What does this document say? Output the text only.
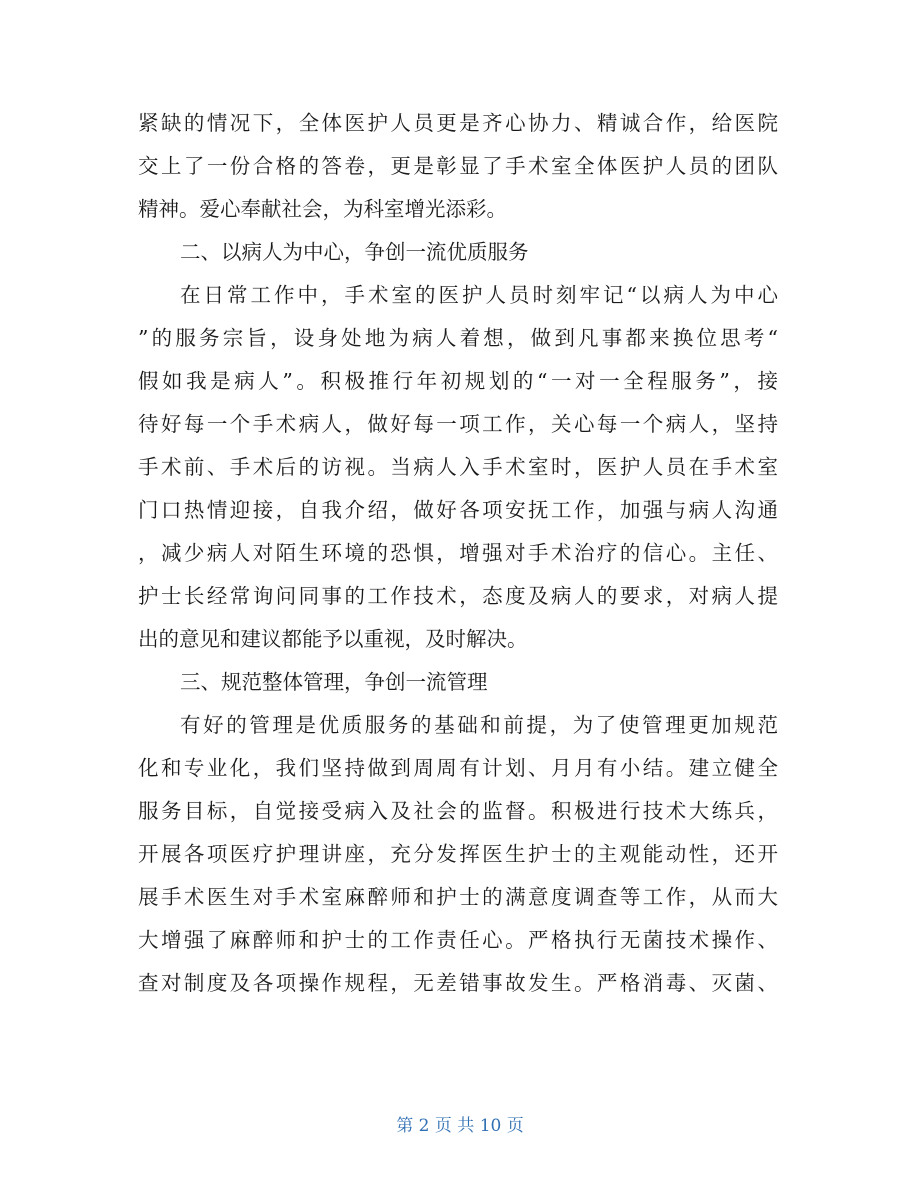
紧缺的情况下，全体医护人员更是齐心协力、精诚合作，给医院
交上了一份合格的答卷，更是彰显了手术室全体医护人员的团队
精神。爱心奉献社会，为科室增光添彩。
二、以病人为中心，争创一流优质服务
在日常工作中，手术室的医护人员时刻牢记“以病人为中心
”的服务宗旨，设身处地为病人着想，做到凡事都来换位思考“
假如我是病人”。积极推行年初规划的“一对一全程服务”，接
待好每一个手术病人，做好每一项工作，关心每一个病人，坚持
手术前、手术后的访视。当病人入手术室时，医护人员在手术室
门口热情迎接，自我介绍，做好各项安抚工作，加强与病人沟通
，减少病人对陌生环境的恐惧，增强对手术治疗的信心。主任、
护士长经常询问同事的工作技术，态度及病人的要求，对病人提
出的意见和建议都能予以重视，及时解决。
三、规范整体管理，争创一流管理
有好的管理是优质服务的基础和前提，为了使管理更加规范
化和专业化，我们坚持做到周周有计划、月月有小结。建立健全
服务目标，自觉接受病入及社会的监督。积极进行技术大练兵，
开展各项医疗护理讲座，充分发挥医生护士的主观能动性，还开
展手术医生对手术室麻醉师和护士的满意度调查等工作，从而大
大增强了麻醉师和护士的工作责任心。严格执行无菌技术操作、
查对制度及各项操作规程，无差错事故发生。严格消毒、灭菌、
第 2 页 共 10 页
